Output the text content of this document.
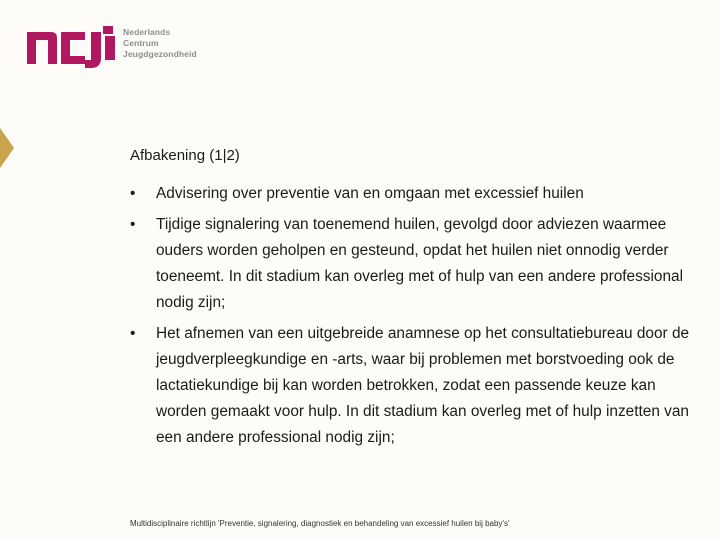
Nederlands
Centrum
Jeugdgezondheid
Afbakening (1|2)
• Advisering over preventie van en omgaan met excessief huilen
• Tijdige signalering van toenemend huilen, gevolgd door adviezen waarmee ouders worden geholpen en gesteund, opdat het huilen niet onnodig verder toeneemt. In dit stadium kan overleg met of hulp van een andere professional nodig zijn;
• Het afnemen van een uitgebreide anamnese op het consultatiebureau door de jeugdverpleegkundige en -arts, waar bij problemen met borstvoeding ook de lactatiekundige bij kan worden betrokken, zodat een passende keuze kan worden gemaakt voor hulp. In dit stadium kan overleg met of hulp inzetten van een andere professional nodig zijn;
Multidisciplinaire richtlijn 'Preventie, signalering, diagnostiek en behandeling van excessief huilen bij baby's'
